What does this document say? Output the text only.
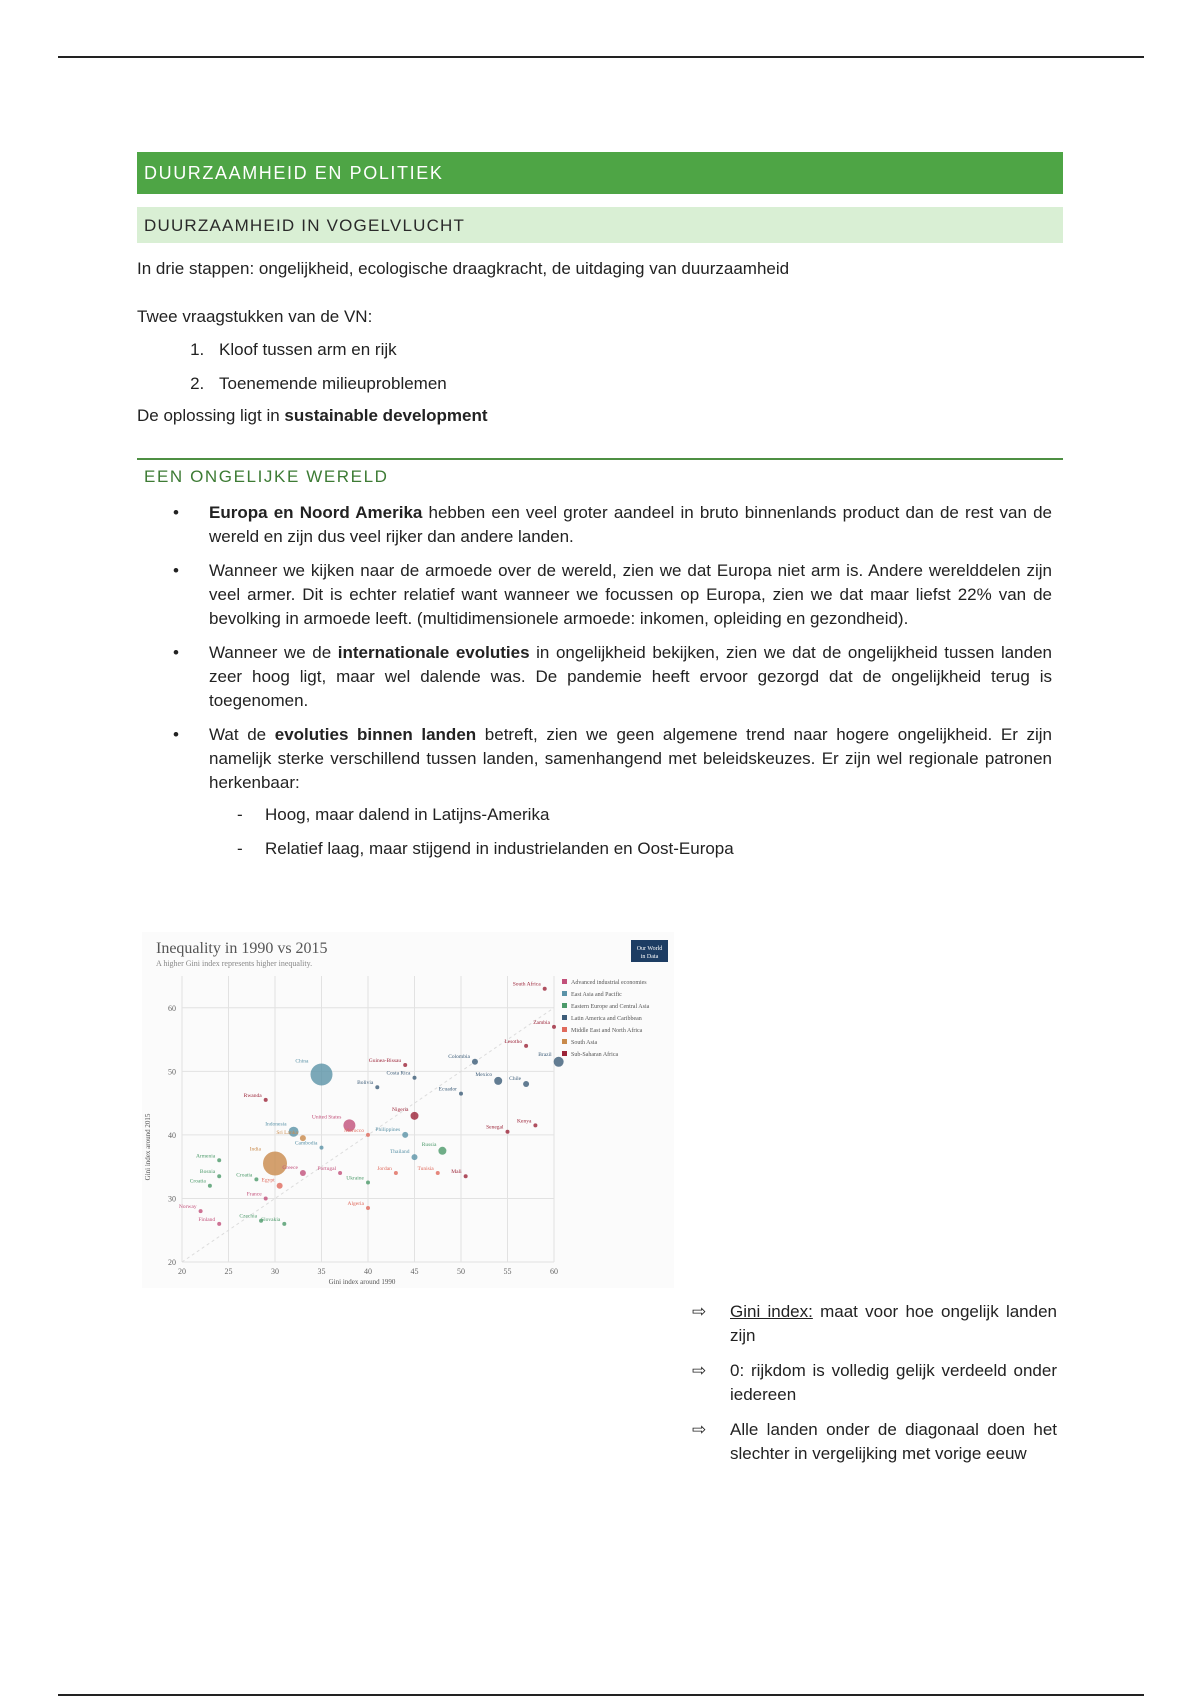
DUURZAAMHEID EN POLITIEK
DUURZAAMHEID IN VOGELVLUCHT

In drie stappen: ongelijkheid, ecologische draagkracht, de uitdaging van duurzaamheid

Twee vraagstukken van de VN:

1. Kloof tussen arm en rijk
2. Toenemende milieuproblemen

De oplossing ligt in sustainable development

EEN ONGELIJKE WERELD
• Europa en Noord Amerika hebben een veel groter aandeel in bruto binnenlands product dan de rest van de wereld en zijn dus veel rijker dan andere landen.
• Wanneer we kijken naar de armoede over de wereld, zien we dat Europa niet arm is. Andere werelddelen zijn veel armer. Dit is echter relatief want wanneer we focussen op Europa, zien we dat maar liefst 22% van de bevolking in armoede leeft. (multidimensionele armoede: inkomen, opleiding en gezondheid).
• Wanneer we de internationale evoluties in ongelijkheid bekijken, zien we dat de ongelijkheid tussen landen zeer hoog ligt, maar wel dalende was. De pandemie heeft ervoor gezorgd dat de ongelijkheid terug is toegenomen.
• Wat de evoluties binnen landen betreft, zien we geen algemene trend naar hogere ongelijkheid. Er zijn namelijk sterke verschillend tussen landen, samenhangend met beleidskeuzes. Er zijn wel regionale patronen herkenbaar:
- Hoog, maar dalend in Latijns-Amerika
- Relatief laag, maar stijgend in industrielanden en Oost-Europa
Inequality in 1990 vs 2015
A higher Gini index represents higher inequality.
Our World
in Data
20	25	30	35	40	45	50	55	60
20
30
40
50
60
South Africa
Zambia
Lesotho
Brazil
Colombia
Mexico
Chile
China	Guinea-Bissau
Costa Rica
Bolivia
Ecuador
Rwanda
Indonesia
Sri Lanka
United States
Nigeria
Philippines
Cambodia
Morocco
Senegal
Kenya
Russia
Thailand
Armenia
India
Greece	Portugal	Jordan
Ukraine
Bosnia
Croatia
Egypt
Croatia
Tunisia
Mali
France
Algeria
Norway
Finland
Czechia
Slovakia
Advanced industrial economies
East Asia and Pacific
Eastern Europe and Central Asia
Latin America and Caribbean
Middle East and North Africa
South Asia
Sub-Saharan Africa
Gini index around 1990
Gini index around 2015
⇨ Gini index: maat voor hoe ongelijk landen zijn
⇨ 0: rijkdom is volledig gelijk verdeeld onder iedereen
⇨ Alle landen onder de diagonaal doen het slechter in vergelijking met vorige eeuw
